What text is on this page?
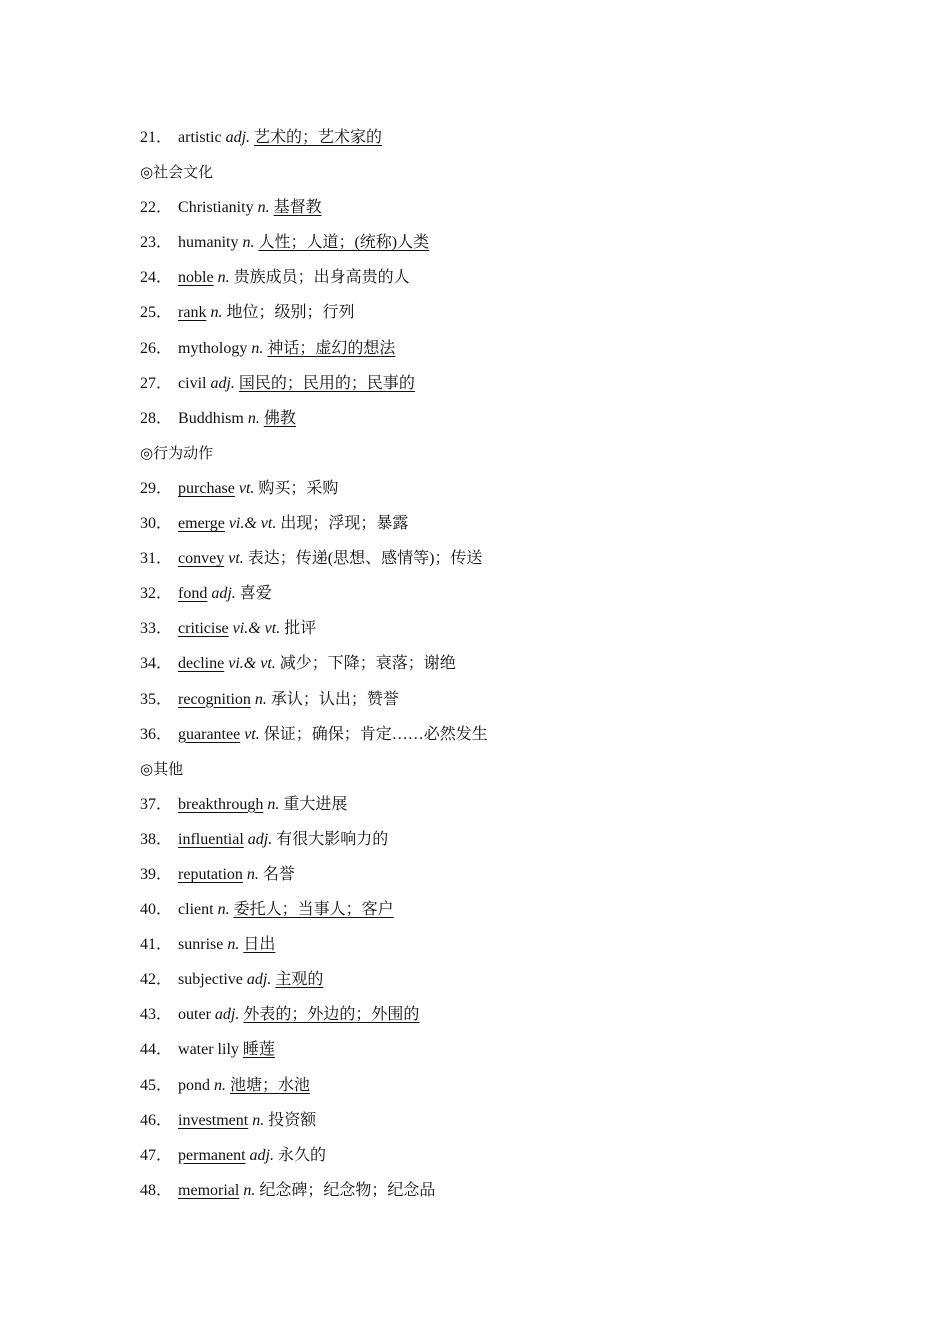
21． artistic adj. 艺术的；艺术家的
◎社会文化
22． Christianity n. 基督教
23． humanity n. 人性；人道；(统称)人类
24． noble n. 贵族成员；出身高贵的人
25． rank n. 地位；级别；行列
26． mythology n. 神话；虚幻的想法
27． civil adj. 国民的；民用的；民事的
28． Buddhism n. 佛教
◎行为动作
29． purchase vt. 购买；采购
30． emerge vi.& vt. 出现；浮现；暴露
31． convey vt. 表达；传递(思想、感情等)；传送
32． fond adj. 喜爱
33． criticise vi.& vt. 批评
34． decline vi.& vt. 减少；下降；衰落；谢绝
35． recognition n. 承认；认出；赞誉
36． guarantee vt. 保证；确保；肯定……必然发生
◎其他
37． breakthrough n. 重大进展
38． influential adj. 有很大影响力的
39． reputation n. 名誉
40． client n. 委托人；当事人；客户
41． sunrise n. 日出
42． subjective adj. 主观的
43． outer adj. 外表的；外边的；外围的
44． water lily 睡莲
45． pond n. 池塘；水池
46． investment n. 投资额
47． permanent adj. 永久的
48． memorial n. 纪念碑；纪念物；纪念品
